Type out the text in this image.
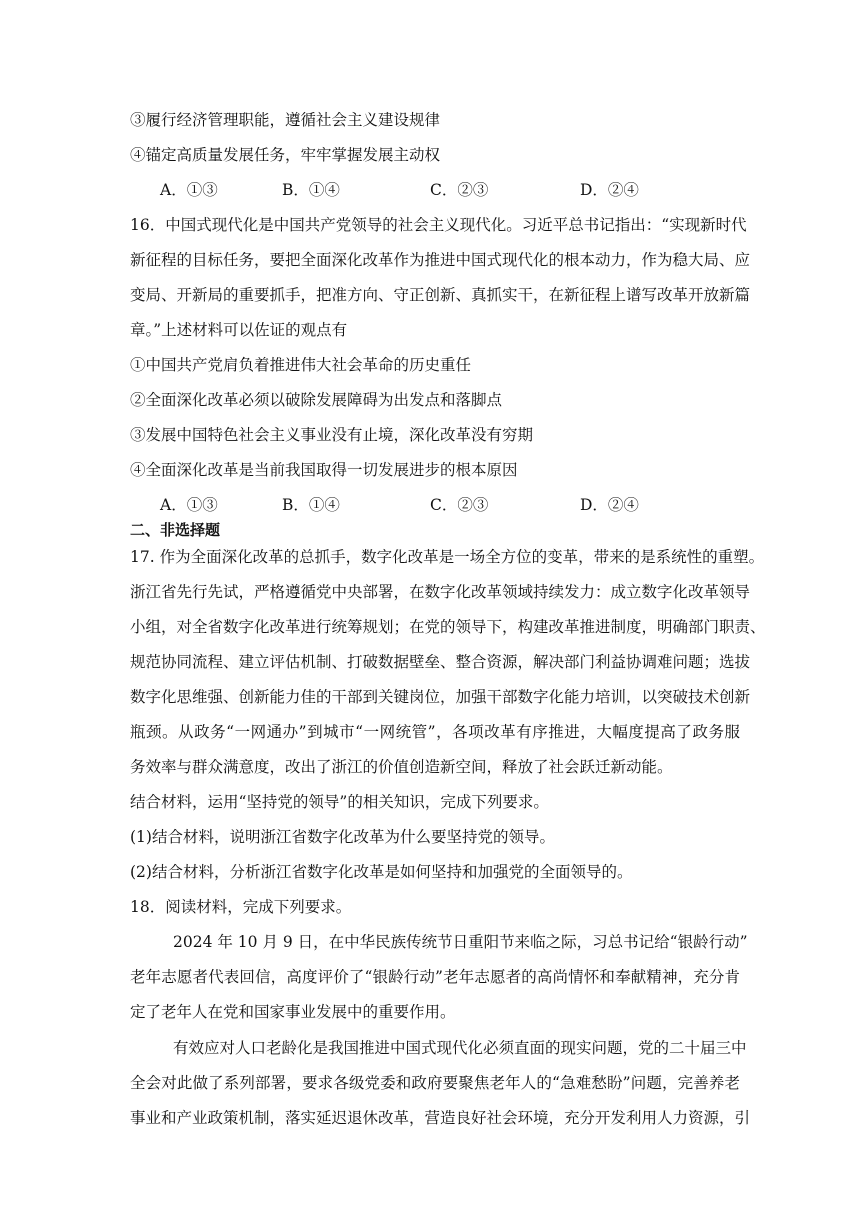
③履行经济管理职能，遵循社会主义建设规律
④锚定高质量发展任务，牢牢掌握发展主动权
A．①③	B．①④	C．②③	D．②④
16．中国式现代化是中国共产党领导的社会主义现代化。习近平总书记指出：“实现新时代
新征程的目标任务，要把全面深化改革作为推进中国式现代化的根本动力，作为稳大局、应
变局、开新局的重要抓手，把准方向、守正创新、真抓实干，在新征程上谱写改革开放新篇
章。”上述材料可以佐证的观点有
①中国共产党肩负着推进伟大社会革命的历史重任
②全面深化改革必须以破除发展障碍为出发点和落脚点
③发展中国特色社会主义事业没有止境，深化改革没有穷期
④全面深化改革是当前我国取得一切发展进步的根本原因
A．①③	B．①④	C．②③	D．②④
二、非选择题
17. 作为全面深化改革的总抓手，数字化改革是一场全方位的变革，带来的是系统性的重塑。
浙江省先行先试，严格遵循党中央部署，在数字化改革领域持续发力：成立数字化改革领导
小组，对全省数字化改革进行统筹规划；在党的领导下，构建改革推进制度，明确部门职责、
规范协同流程、建立评估机制、打破数据壁垒、整合资源，解决部门利益协调难问题；选拔
数字化思维强、创新能力佳的干部到关键岗位，加强干部数字化能力培训，以突破技术创新
瓶颈。从政务“一网通办”到城市“一网统管”，各项改革有序推进，大幅度提高了政务服
务效率与群众满意度，改出了浙江的价值创造新空间，释放了社会跃迁新动能。
结合材料，运用“坚持党的领导”的相关知识，完成下列要求。
(1)结合材料，说明浙江省数字化改革为什么要坚持党的领导。
(2)结合材料，分析浙江省数字化改革是如何坚持和加强党的全面领导的。
18．阅读材料，完成下列要求。
2024 年 10 月 9 日，在中华民族传统节日重阳节来临之际，习总书记给“银龄行动”
老年志愿者代表回信，高度评价了“银龄行动”老年志愿者的高尚情怀和奉献精神，充分肯
定了老年人在党和国家事业发展中的重要作用。
有效应对人口老龄化是我国推进中国式现代化必须直面的现实问题，党的二十届三中
全会对此做了系列部署，要求各级党委和政府要聚焦老年人的“急难愁盼”问题，完善养老
事业和产业政策机制，落实延迟退休改革，营造良好社会环境，充分开发利用人力资源，引
